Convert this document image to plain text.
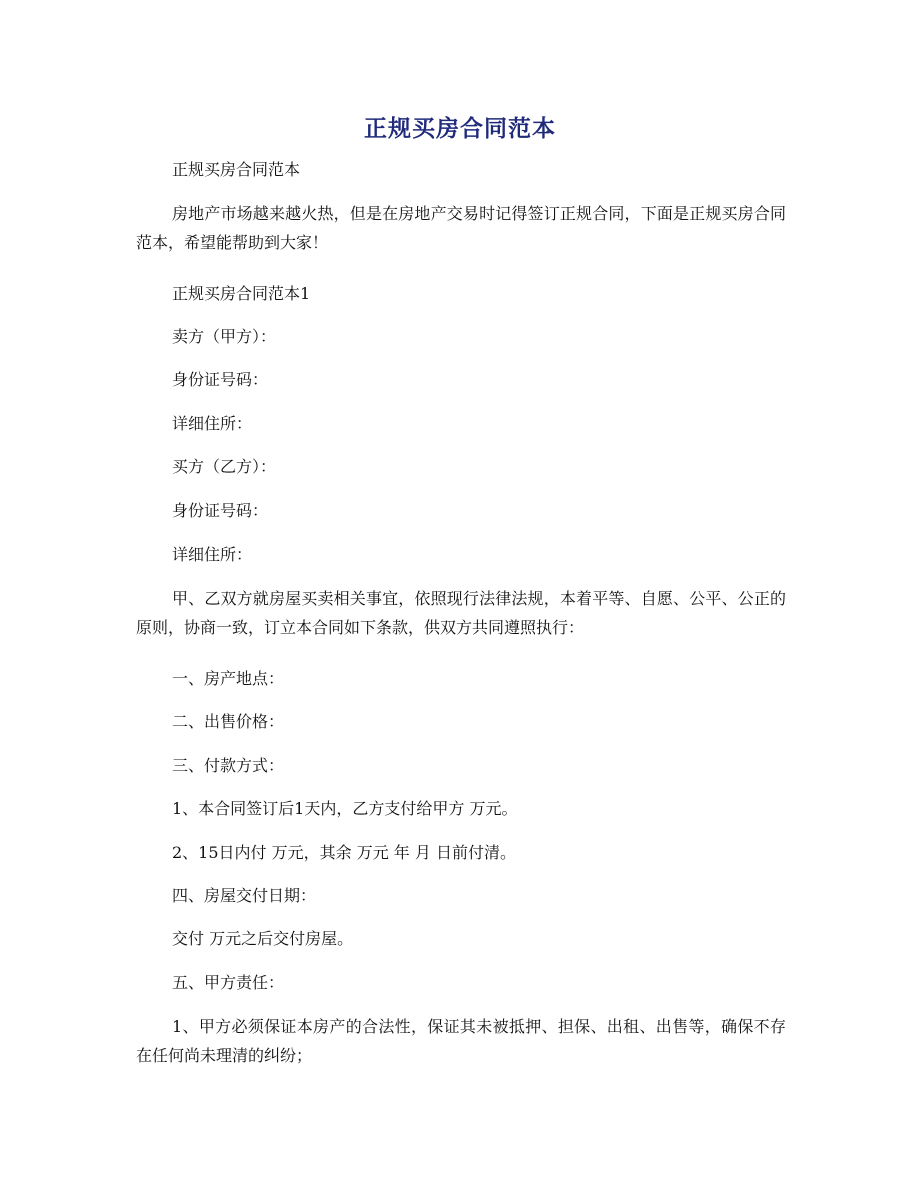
正规买房合同范本
正规买房合同范本
房地产市场越来越火热，但是在房地产交易时记得签订正规合同，下面是正规买房合同范本，希望能帮助到大家！
正规买房合同范本1
卖方（甲方）：
身份证号码：
详细住所：
买方（乙方）：
身份证号码：
详细住所：
甲、乙双方就房屋买卖相关事宜，依照现行法律法规，本着平等、自愿、公平、公正的原则，协商一致，订立本合同如下条款，供双方共同遵照执行：
一、房产地点：
二、出售价格：
三、付款方式：
1、本合同签订后1天内，乙方支付给甲方 万元。
2、15日内付 万元，其余 万元 年 月 日前付清。
四、房屋交付日期：
交付 万元之后交付房屋。
五、甲方责任：
1、甲方必须保证本房产的合法性，保证其未被抵押、担保、出租、出售等，确保不存在任何尚未理清的纠纷；
